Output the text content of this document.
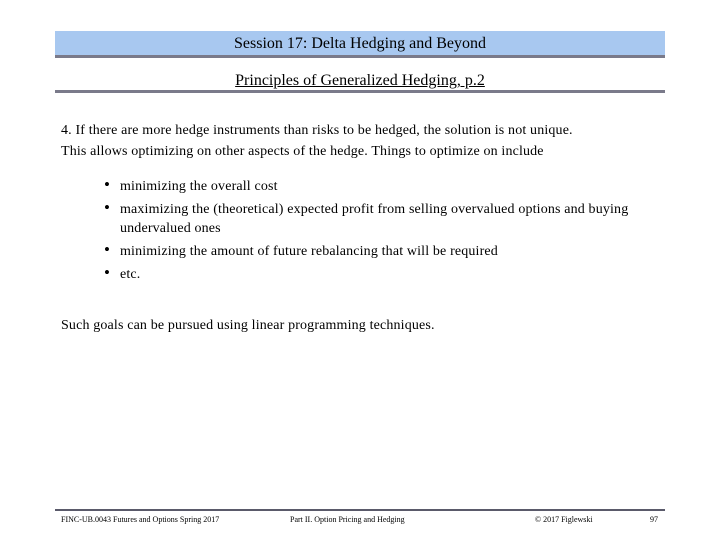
Session 17: Delta Hedging and Beyond
Principles of Generalized Hedging, p.2

4. If there are more hedge instruments than risks to be hedged, the solution is not unique.

This allows optimizing on other aspects of the hedge. Things to optimize on include

• minimizing the overall cost
• maximizing the (theoretical) expected profit from selling overvalued options and buying undervalued ones
• minimizing the amount of future rebalancing that will be required
• etc.

Such goals can be pursued using linear programming techniques.

FINC-UB.0043 Futures and Options Spring 2017	Part II. Option Pricing and Hedging	© 2017 Figlewski	97
